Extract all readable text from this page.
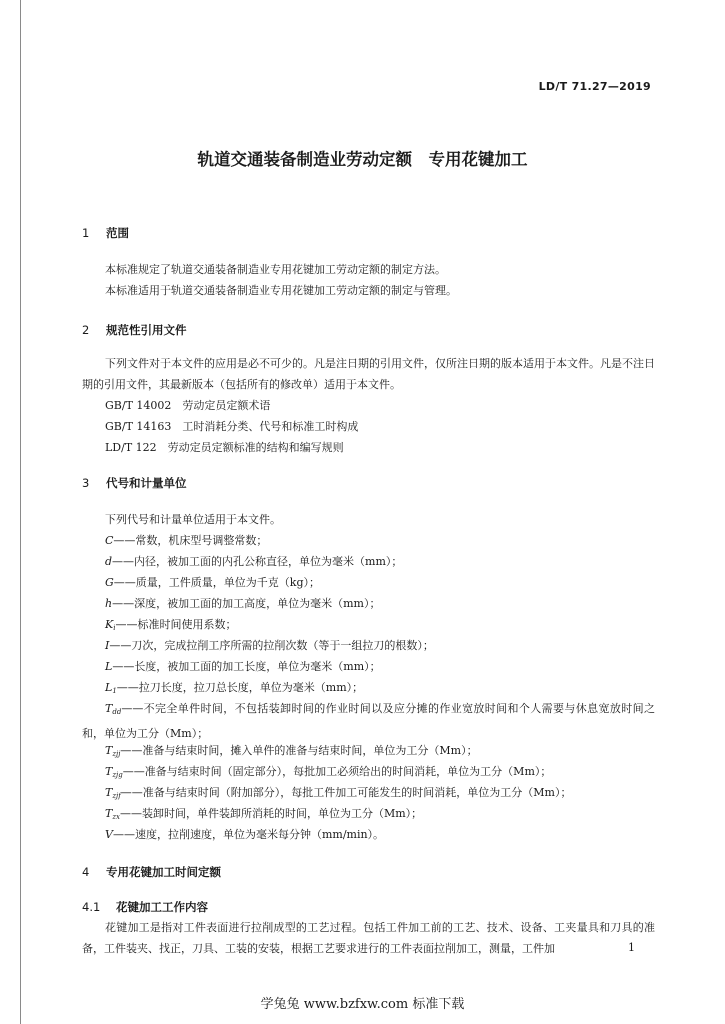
LD/T 71.27—2019
轨道交通装备制造业劳动定额　专用花键加工
1 范围
本标准规定了轨道交通装备制造业专用花键加工劳动定额的制定方法。
本标准适用于轨道交通装备制造业专用花键加工劳动定额的制定与管理。
2 规范性引用文件
下列文件对于本文件的应用是必不可少的。凡是注日期的引用文件，仅所注日期的版本适用于本文件。凡是不注日期的引用文件，其最新版本（包括所有的修改单）适用于本文件。
GB/T 14002　劳动定员定额术语
GB/T 14163　工时消耗分类、代号和标准工时构成
LD/T 122　劳动定员定额标准的结构和编写规则
3 代号和计量单位
下列代号和计量单位适用于本文件。
C——常数，机床型号调整常数；
d——内径，被加工面的内孔公称直径，单位为毫米（mm）；
G——质量，工件质量，单位为千克（kg）；
h——深度，被加工面的加工高度，单位为毫米（mm）；
$K_i——$标准时间使用系数；
I——刀次，完成拉削工序所需的拉削次数（等于一组拉刀的根数）；
L——长度，被加工面的加工长度，单位为毫米（mm）；
$L_1——$拉刀长度，拉刀总长度，单位为毫米（mm）；
$T_{dd}——$不完全单件时间，不包括装卸时间的作业时间以及应分摊的作业宽放时间和个人需要与休息宽放时间之和，单位为工分（Mm）；
$T_{zjj}——$准备与结束时间，摊入单件的准备与结束时间，单位为工分（Mm）；
$T_{zjg}——$准备与结束时间（固定部分），每批加工必须给出的时间消耗，单位为工分（Mm）；
$T_{zjf}——$准备与结束时间（附加部分），每批工件加工可能发生的时间消耗，单位为工分（Mm）；
$T_{zx}——$装卸时间，单件装卸所消耗的时间，单位为工分（Mm）；
V——速度，拉削速度，单位为毫米每分钟（mm/min）。
4 专用花键加工时间定额
4.1 花键加工工作内容
花键加工是指对工件表面进行拉削成型的工艺过程。包括工件加工前的工艺、技术、设备、工夹量具和刀具的准备，工件装夹、找正，刀具、工装的安装，根据工艺要求进行的工件表面拉削加工，测量，工件加	1
学兔兔 www.bzfxw.com 标准下载
